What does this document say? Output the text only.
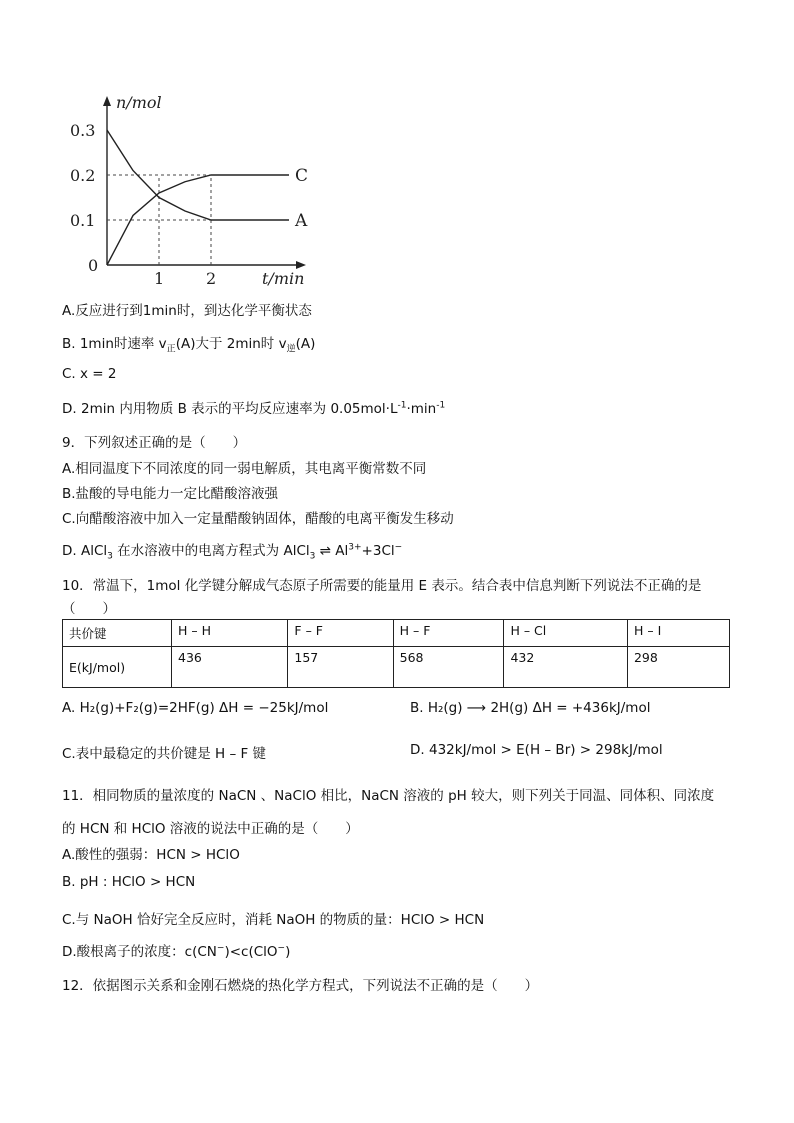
n/mol
t/min
0
0.3
0.2
0.1
1	2
C
A
A.反应进行到1min时，到达化学平衡状态
B. 1min时速率 $v_正(A)$大于 2min时 $v_逆(A)$
C. x = 2
D. 2min 内用物质 B 表示的平均反应速率为 $0.05mol\cdot L^{-1}\cdot\min^{-1}$
9．下列叙述正确的是（　　）
A.相同温度下不同浓度的同一弱电解质，其电离平衡常数不同
B.盐酸的导电能力一定比醋酸溶液强
C.向醋酸溶液中加入一定量醋酸钠固体，醋酸的电离平衡发生移动
D. AlCl$_3$ 在水溶液中的电离方程式为 AlCl$_3$ ⇌ $Al^{3+}+3Cl^-$
10．常温下，1mol 化学键分解成气态原子所需要的能量用 E 表示。结合表中信息判断下列说法不正确的是
（　　）
共价键	H – H	F – F	H – F	H – Cl	H – I
E(kJ/mol)	436	157	568	432	298
A. H₂(g)+F₂(g)=2HF(g) ΔH = −25kJ/mol	B. H₂(g) ⟶ 2H(g) ΔH = +436kJ/mol
C.表中最稳定的共价键是 H – F 键	D. 432kJ/mol > E(H – Br) > 298kJ/mol
11．相同物质的量浓度的 NaCN 、NaClO 相比，NaCN 溶液的 pH 较大，则下列关于同温、同体积、同浓度
的 HCN 和 HClO 溶液的说法中正确的是（　　）
A.酸性的强弱：HCN > HClO
B. pH : HClO > HCN
C.与 NaOH 恰好完全反应时，消耗 NaOH 的物质的量：HClO > HCN
D.酸根离子的浓度：c(CN−)<c(ClO−)
12．依据图示关系和金刚石燃烧的热化学方程式，下列说法不正确的是（　　）
